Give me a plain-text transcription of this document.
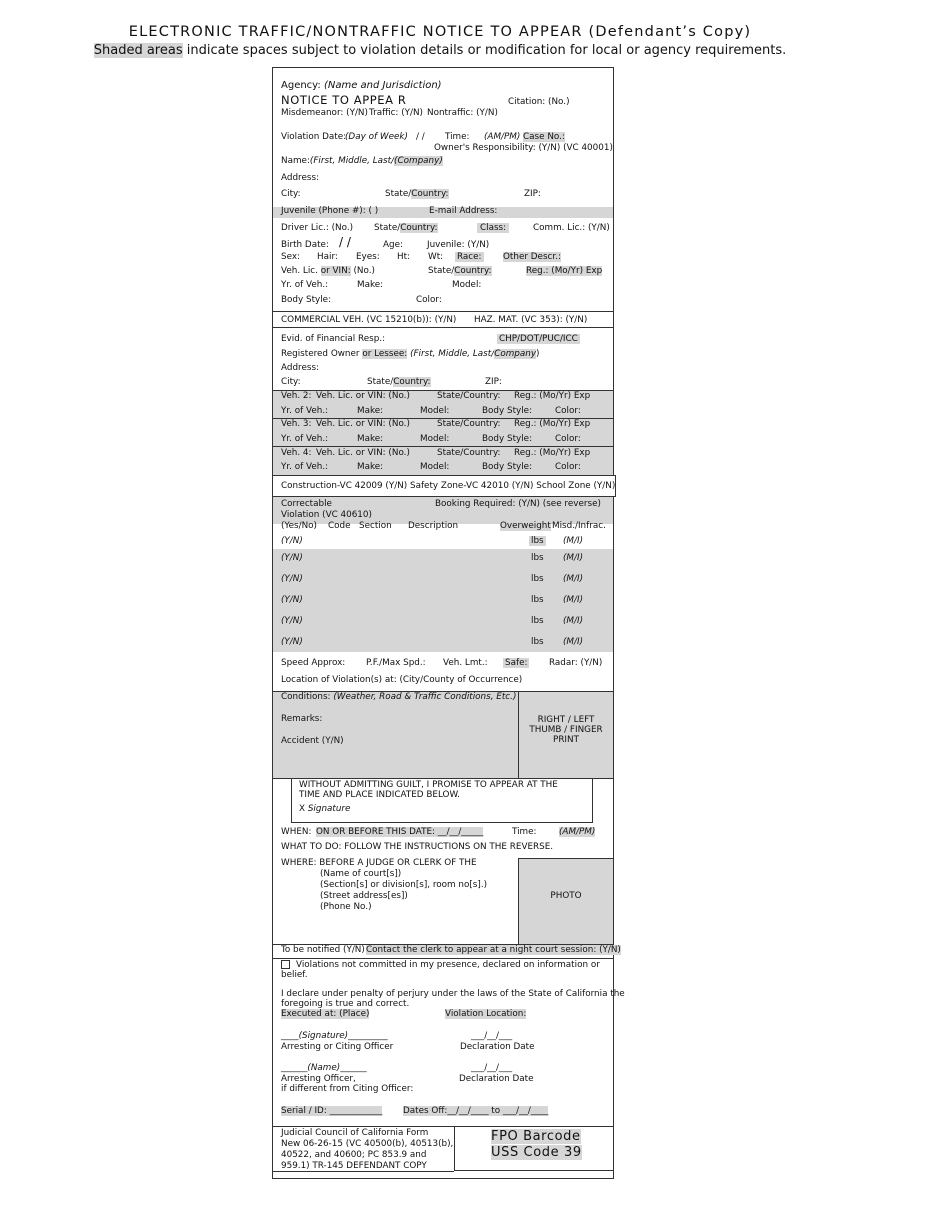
ELECTRONIC TRAFFIC/NONTRAFFIC NOTICE TO APPEAR (Defendant’s Copy)
Shaded areas indicate spaces subject to violation details or modification for local or agency requirements.
Agency: (Name and Jurisdiction)
NOTICE TO APPEA R	Citation: (No.)
Misdemeanor: (Y/N) Traffic: (Y/N) Nontraffic: (Y/N)
Violation Date:
(Day of Week) / / Time: (AM/PM) Case No.:
Owner's Responsibility: (Y/N) (VC 40001)
Name:(First, Middle, Last/(Company)
Address:
City:	State/Country:	ZIP:
Juvenile (Phone #): ( )	E-mail Address:
Driver Lic.: (No.) State/Country:	Class:	Comm. Lic.: (Y/N)
Birth Date: / /	Age:	Juvenile: (Y/N)
Sex: Hair: Eyes: Ht: Wt: Race: Other Descr.:
Veh. Lic. or VIN: (No.)	State/Country:	Reg.: (Mo/Yr) Exp
Yr. of Veh.:	Make:	Model:
Body Style:	Color:
COMMERCIAL VEH. (VC 15210(b)): (Y/N) HAZ. MAT. (VC 353): (Y/N)
Evid. of Financial Resp.:	CHP/DOT/PUC/ICC
Registered Owner or Lessee: (First, Middle, Last/Company)
Address:
City:	State/Country:	ZIP:
Veh. 2: Veh. Lic. or VIN: (No.)	State/Country: Reg.: (Mo/Yr) Exp
Yr. of Veh.:	Make:	Model:	Body Style:	Color:
Veh. 3: Veh. Lic. or VIN: (No.)	State/Country: Reg.: (Mo/Yr) Exp
Yr. of Veh.:	Make:	Model:	Body Style:	Color:
Veh. 4: Veh. Lic. or VIN: (No.)	State/Country: Reg.: (Mo/Yr) Exp
Yr. of Veh.:	Make:	Model:	Body Style:	Color:
Construction-VC 42009 (Y/N) Safety Zone-VC 42010 (Y/N) School Zone (Y/N)
Correctable
Violation (VC 40610)
Booking Required: (Y/N) (see reverse)
(Yes/No) Code Section Description	Overweight Misd./Infrac.
(Y/N)	lbs (M/I)
(Y/N)	lbs (M/I)
(Y/N)	lbs (M/I)
(Y/N)	lbs (M/I)
(Y/N)	lbs (M/I)
(Y/N)	lbs (M/I)
Speed Approx: P.F./Max Spd.: Veh. Lmt.: Safe: Radar: (Y/N)
Location of Violation(s) at: (City/County of Occurrence)
Conditions: (Weather, Road & Traffic Conditions, Etc.)
Remarks:
Accident (Y/N)
RIGHT / LEFT
THUMB / FINGER
PRINT
WITHOUT ADMITTING GUILT, I PROMISE TO APPEAR AT THE
TIME AND PLACE INDICATED BELOW.
X Signature
WHEN: ON OR BEFORE THIS DATE: __/__/_____	Time:	(AM/PM)
WHAT TO DO: FOLLOW THE INSTRUCTIONS ON THE REVERSE.
PHOTO
WHERE: BEFORE A JUDGE OR CLERK OF THE
(Name of court[s])
(Section[s] or division[s], room no[s].)
(Street address[es])
(Phone No.)
To be notified (Y/N) Contact the clerk to appear at a night court session: (Y/N)
Violations not committed in my presence, declared on information or
belief.
I declare under penalty of perjury under the laws of the State of California the
foregoing is true and correct.
Executed at: (Place)	Violation Location:
____(Signature)_________	___/__/___
Arresting or Citing Officer	Declaration Date
______(Name)______	___/__/___
Arresting Officer,	Declaration Date
if different from Citing Officer:
Serial / ID: ____________ Dates Off:__/__/____ to ___/__/____
Judicial Council of California Form
New 06-26-15 (VC 40500(b), 40513(b),
40522, and 40600; PC 853.9 and
959.1) TR-145 DEFENDANT COPY
FPO Barcode
USS Code 39
